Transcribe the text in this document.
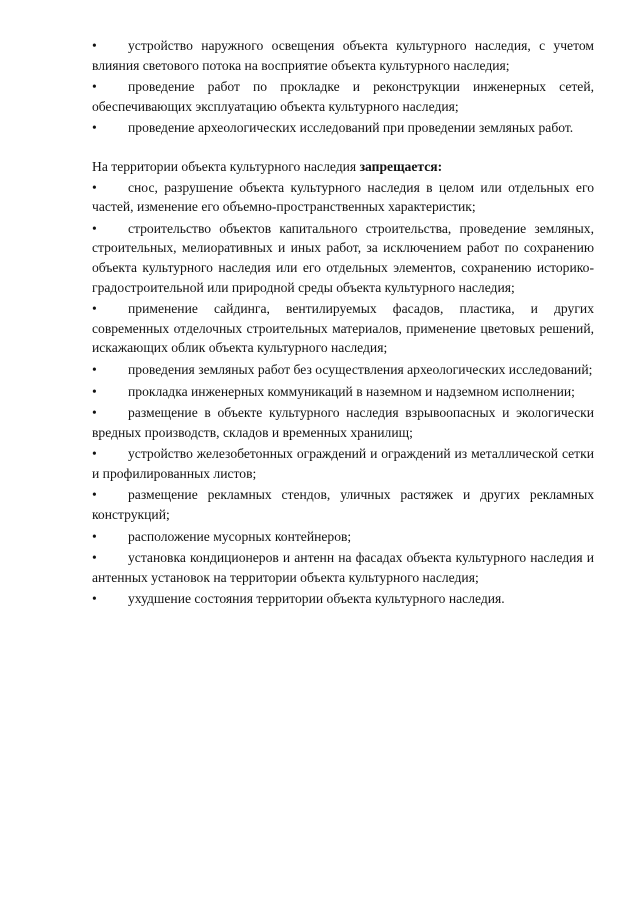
• устройство наружного освещения объекта культурного наследия, с учетом влияния светового потока на восприятие объекта культурного наследия;
• проведение работ по прокладке и реконструкции инженерных сетей, обеспечивающих эксплуатацию объекта культурного наследия;
• проведение археологических исследований при проведении земляных работ.
На территории объекта культурного наследия запрещается:
• снос, разрушение объекта культурного наследия в целом или отдельных его частей, изменение его объемно-пространственных характеристик;
• строительство объектов капитального строительства, проведение земляных, строительных, мелиоративных и иных работ, за исключением работ по сохранению объекта культурного наследия или его отдельных элементов, сохранению историко-градостроительной или природной среды объекта культурного наследия;
• применение сайдинга, вентилируемых фасадов, пластика, и других современных отделочных строительных материалов, применение цветовых решений, искажающих облик объекта культурного наследия;
• проведения земляных работ без осуществления археологических исследований;
• прокладка инженерных коммуникаций в наземном и надземном исполнении;
• размещение в объекте культурного наследия взрывоопасных и экологически вредных производств, складов и временных хранилищ;
• устройство железобетонных ограждений и ограждений из металлической сетки и профилированных листов;
• размещение рекламных стендов, уличных растяжек и других рекламных конструкций;
• расположение мусорных контейнеров;
• установка кондиционеров и антенн на фасадах объекта культурного наследия и антенных установок на территории объекта культурного наследия;
• ухудшение состояния территории объекта культурного наследия.
